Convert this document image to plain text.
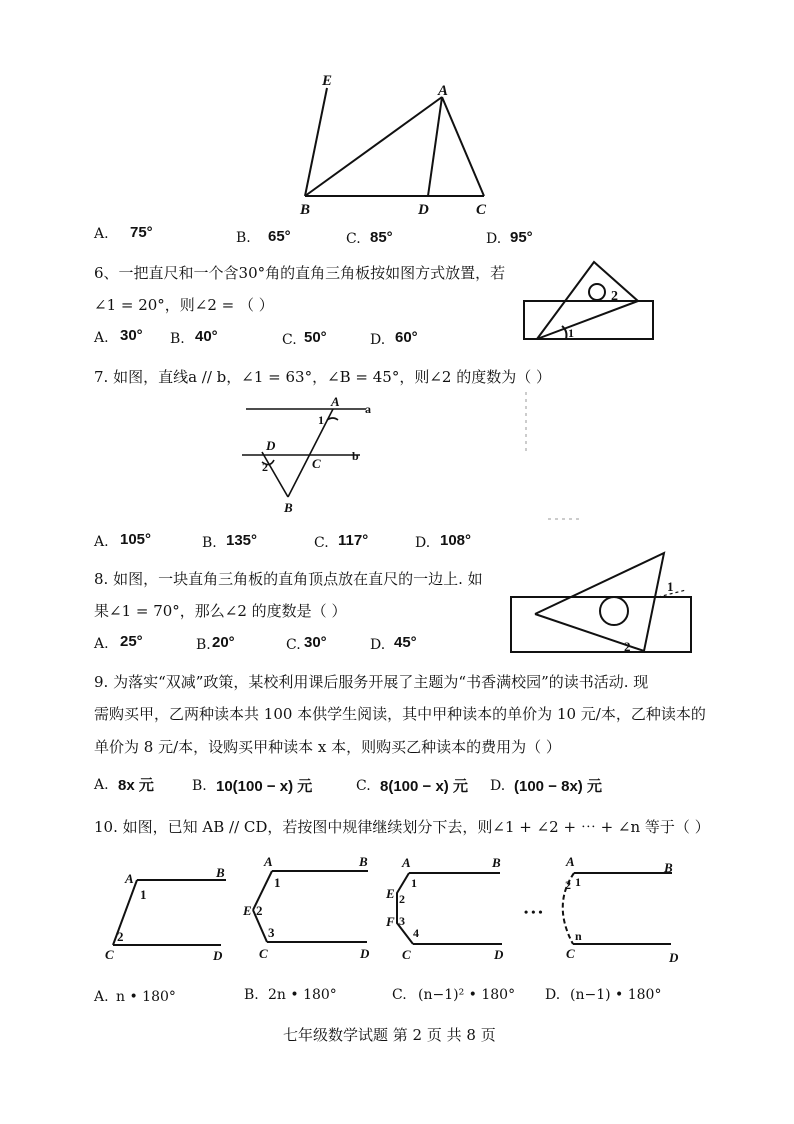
E
A
B	D	C
A. 75°	B. 65°	C. 85°	D. 95°
6、一把直尺和一个含30°角的直角三角板按如图方式放置，若
∠1 = 20°，则∠2 = （ ）
A. 30° B. 40°	C. 50°	D. 60°
2
1
7. 如图，直线a // b，∠1 = 63°，∠B = 45°，则∠2 的度数为（ ）
A a
1
D
b
2	C
B
A. 105°	B. 135°	C. 117°	D. 108°
8. 如图，一块直角三角板的直角顶点放在直尺的一边上. 如
果∠1 = 70°，那么∠2 的度数是（ ）
A. 25°	B. 20°	C. 30°	D. 45°
1
2
9. 为落实“双减”政策，某校利用课后服务开展了主题为“书香满校园”的读书活动. 现
需购买甲，乙两种读本共 100 本供学生阅读，其中甲种读本的单价为 10 元/本，乙种读本的
单价为 8 元/本，设购买甲种读本 x 本，则购买乙种读本的费用为（ ）
A. 8x 元	B. 10(100 − x) 元	C. 8(100 − x) 元 D. (100 − 8x) 元
10. 如图，已知 AB // CD，若按图中规律继续划分下去，则∠1 + ∠2 + ⋯ + ∠n 等于（ ）
A	B
1
2
C	D
A	B
1
E 2
3
C	D
A	B
E
1
2
F 3
4
C	D
• • •
A	B
1
2
n
C	D
A. n • 180°	B. 2n • 180°	C. (n−1)² • 180° D. (n−1) • 180°
七年级数学试题 第 2 页 共 8 页
